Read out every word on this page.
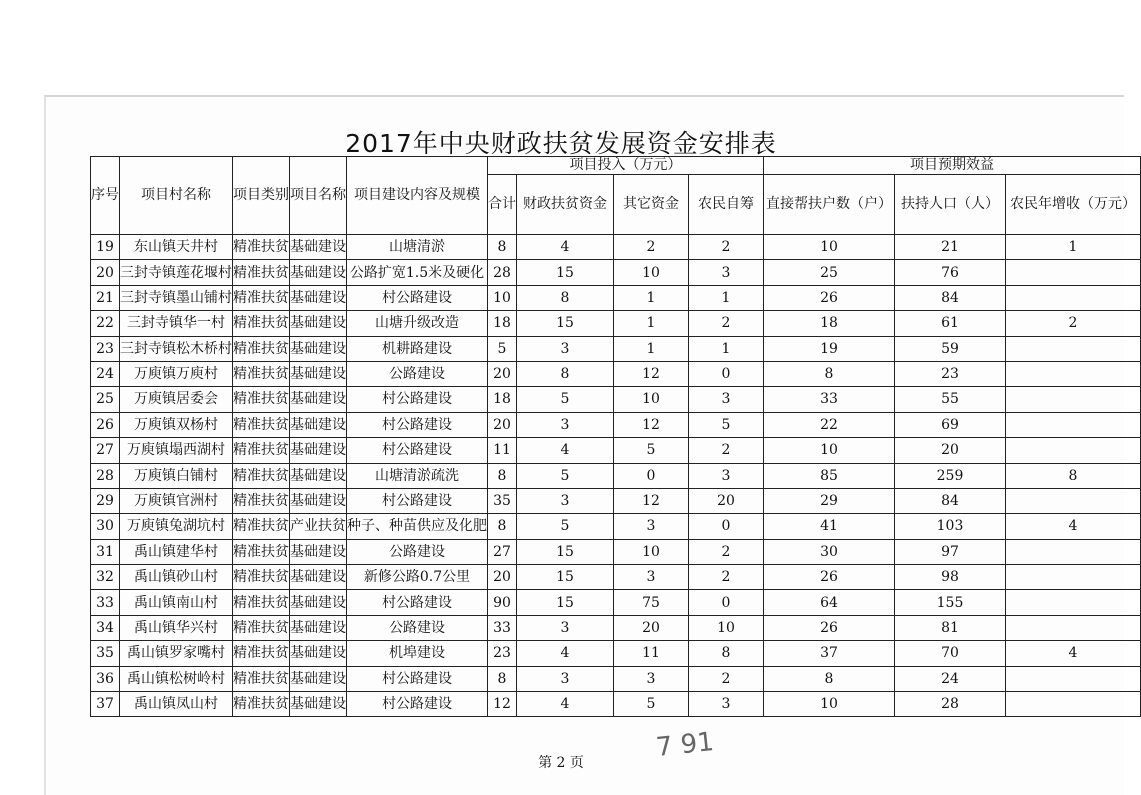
2017年中央财政扶贫发展资金安排表
序号	项目村名称	项目类别	项目名称	项目建设内容及规模	项目投入（万元）				项目预期效益		
					合计	财政扶贫资金	其它资金	农民自筹	直接帮扶户数（户）	扶持人口（人）	农民年增收（万元）
19	东山镇天井村	精准扶贫	基础建设	山塘清淤	8	4	2	2	10	21	1
20	三封寺镇莲花堰村	精准扶贫	基础建设	公路扩宽1.5米及硬化	28	15	10	3	25	76	
21	三封寺镇墨山铺村	精准扶贫	基础建设	村公路建设	10	8	1	1	26	84	
22	三封寺镇华一村	精准扶贫	基础建设	山塘升级改造	18	15	1	2	18	61	2
23	三封寺镇松木桥村	精准扶贫	基础建设	机耕路建设	5	3	1	1	19	59	
24	万庾镇万庾村	精准扶贫	基础建设	公路建设	20	8	12	0	8	23	
25	万庾镇居委会	精准扶贫	基础建设	村公路建设	18	5	10	3	33	55	
26	万庾镇双杨村	精准扶贫	基础建设	村公路建设	20	3	12	5	22	69	
27	万庾镇塌西湖村	精准扶贫	基础建设	村公路建设	11	4	5	2	10	20	
28	万庾镇白铺村	精准扶贫	基础建设	山塘清淤疏洗	8	5	0	3	85	259	8
29	万庾镇官洲村	精准扶贫	基础建设	村公路建设	35	3	12	20	29	84	
30	万庾镇兔湖坑村	精准扶贫	产业扶贫	种子、种苗供应及化肥	8	5	3	0	41	103	4
31	禹山镇建华村	精准扶贫	基础建设	公路建设	27	15	10	2	30	97	
32	禹山镇砂山村	精准扶贫	基础建设	新修公路0.7公里	20	15	3	2	26	98	
33	禹山镇南山村	精准扶贫	基础建设	村公路建设	90	15	75	0	64	155	
34	禹山镇华兴村	精准扶贫	基础建设	公路建设	33	3	20	10	26	81	
35	禹山镇罗家嘴村	精准扶贫	基础建设	机埠建设	23	4	11	8	37	70	4
36	禹山镇松树岭村	精准扶贫	基础建设	村公路建设	8	3	3	2	8	24	
37	禹山镇凤山村	精准扶贫	基础建设	村公路建设	12	4	5	3	10	28	
7 91
第 2 页
